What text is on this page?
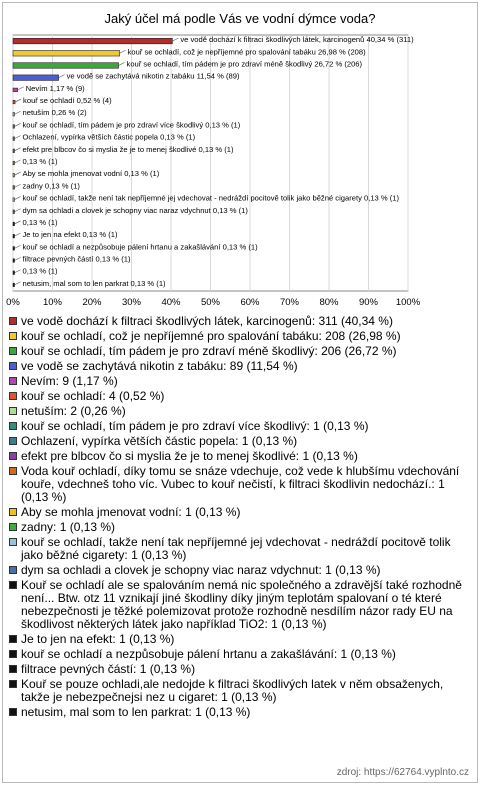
Jaký účel má podle Vás ve vodní dýmce voda?
0% 10% 20% 30% 40% 50% 60% 70% 80% 90% 100%
ve vodě dochází k filtraci škodlivých látek, karcinogenů 40,34 % (311)
kouř se ochladí, což je nepříjemné pro spalování tabáku 26,98 % (208)
kouř se ochladí, tím pádem je pro zdraví méně škodlivý 26,72 % (206)
ve vodě se zachytává nikotin z tabáku 11,54 % (89)
Nevím 1,17 % (9)
kouř se ochladí 0,52 % (4)
netuším 0,26 % (2)
kouř se ochladí, tím pádem je pro zdraví více škodlivý 0,13 % (1)
Ochlazení, vypírka větších částic popela 0,13 % (1)
efekt pre blbcov čo si myslia že je to menej škodlivé 0,13 % (1)
0,13 % (1)
Aby se mohla jmenovat vodní 0,13 % (1)
zadny 0,13 % (1)
kouř se ochladí, takže není tak nepříjemné jej vdechovat - nedráždí pocitově tolik jako běžné cigarety 0,13 % (1)
dym sa ochladi a clovek je schopny viac naraz vdychnut 0,13 % (1)
0,13 % (1)
Je to jen na efekt 0,13 % (1)
kouř se ochladí a nezpůsobuje pálení hrtanu a zakašlávání 0,13 % (1)
filtrace pevných částí 0,13 % (1)
0,13 % (1)
netusim, mal som to len parkrat 0,13 % (1)
ve vodě dochází k filtraci škodlivých látek, karcinogenů: 311 (40,34 %)
kouř se ochladí, což je nepříjemné pro spalování tabáku: 208 (26,98 %)
kouř se ochladí, tím pádem je pro zdraví méně škodlivý: 206 (26,72 %)
ve vodě se zachytává nikotin z tabáku: 89 (11,54 %)
Nevím: 9 (1,17 %)
kouř se ochladí: 4 (0,52 %)
netuším: 2 (0,26 %)
kouř se ochladí, tím pádem je pro zdraví více škodlivý: 1 (0,13 %)
Ochlazení, vypírka větších částic popela: 1 (0,13 %)
efekt pre blbcov čo si myslia že je to menej škodlivé: 1 (0,13 %)
Voda kouř ochladí, díky tomu se snáze vdechuje, což vede k hlubšímu vdechování kouře, vdechneš toho víc. Vubec to kouř nečistí, k filtraci škodlivin nedochází.: 1 (0,13 %)
Aby se mohla jmenovat vodní: 1 (0,13 %)
zadny: 1 (0,13 %)
kouř se ochladí, takže není tak nepříjemné jej vdechovat - nedráždí pocitově tolik jako běžné cigarety: 1 (0,13 %)
dym sa ochladi a clovek je schopny viac naraz vdychnut: 1 (0,13 %)
Kouř se ochladí ale se spalováním nemá nic společného a zdravější také rozhodně není... Btw. otz 11 vznikají jiné škodliny díky jiným teplotám spalovaní o té které nebezpečnosti je těžké polemizovat protože rozhodně nesdílím názor rady EU na škodlivost některých látek jako například TiO2: 1 (0,13 %)
Je to jen na efekt: 1 (0,13 %)
kouř se ochladí a nezpůsobuje pálení hrtanu a zakašlávání: 1 (0,13 %)
filtrace pevných částí: 1 (0,13 %)
Kouř se pouze ochladi,ale nedojde k filtraci škodlivých latek v něm obsaženych, takže je nebezpečnejsi nez u cigaret: 1 (0,13 %)
netusim, mal som to len parkrat: 1 (0,13 %)
zdroj: https://62764.vyplnto.cz
